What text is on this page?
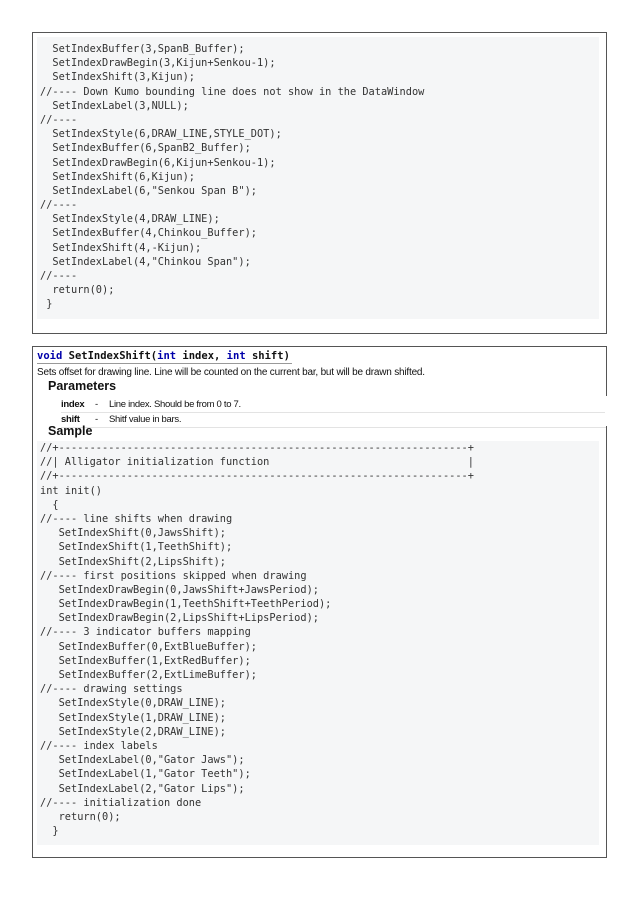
SetIndexBuffer(3,SpanB_Buffer);
SetIndexDrawBegin(3,Kijun+Senkou-1);
SetIndexShift(3,Kijun);
//---- Down Kumo bounding line does not show in the DataWindow
SetIndexLabel(3,NULL);
//----
SetIndexStyle(6,DRAW_LINE,STYLE_DOT);
SetIndexBuffer(6,SpanB2_Buffer);
SetIndexDrawBegin(6,Kijun+Senkou-1);
SetIndexShift(6,Kijun);
SetIndexLabel(6,"Senkou Span B");
//----
SetIndexStyle(4,DRAW_LINE);
SetIndexBuffer(4,Chinkou_Buffer);
SetIndexShift(4,-Kijun);
SetIndexLabel(4,"Chinkou Span");
//----
return(0);
}
void SetIndexShift(int index, int shift)
Sets offset for drawing line. Line will be counted on the current bar, but will be drawn shifted.
Parameters
index - Line index. Should be from 0 to 7.
shift - Shitf value in bars.
Sample
//+------------------------------------------------------------------+
//| Alligator initialization function                                |
//+------------------------------------------------------------------+
int init()
{
//---- line shifts when drawing
SetIndexShift(0,JawsShift);
SetIndexShift(1,TeethShift);
SetIndexShift(2,LipsShift);
//---- first positions skipped when drawing
SetIndexDrawBegin(0,JawsShift+JawsPeriod);
SetIndexDrawBegin(1,TeethShift+TeethPeriod);
SetIndexDrawBegin(2,LipsShift+LipsPeriod);
//---- 3 indicator buffers mapping
SetIndexBuffer(0,ExtBlueBuffer);
SetIndexBuffer(1,ExtRedBuffer);
SetIndexBuffer(2,ExtLimeBuffer);
//---- drawing settings
SetIndexStyle(0,DRAW_LINE);
SetIndexStyle(1,DRAW_LINE);
SetIndexStyle(2,DRAW_LINE);
//---- index labels
SetIndexLabel(0,"Gator Jaws");
SetIndexLabel(1,"Gator Teeth");
SetIndexLabel(2,"Gator Lips");
//---- initialization done
return(0);
}
